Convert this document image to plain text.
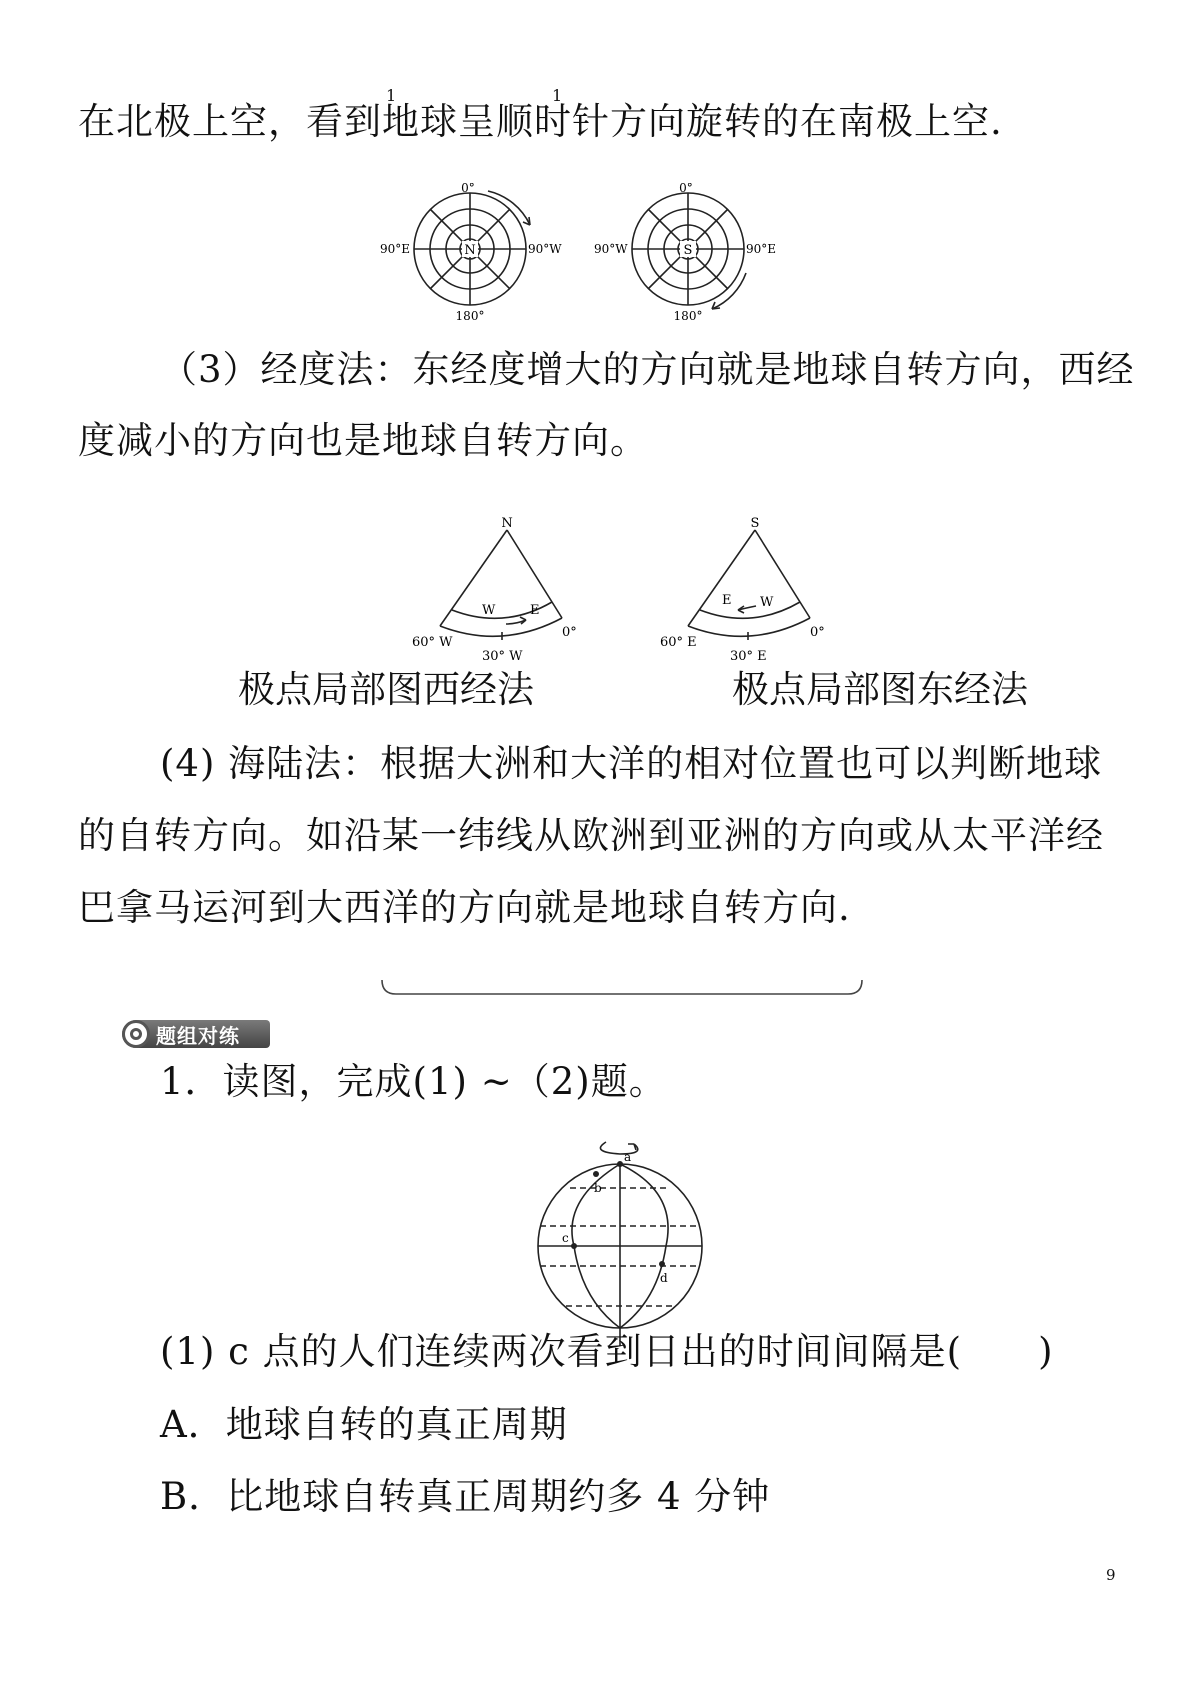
在北极上空，看到地球呈顺时针方向旋转的在南极上空.
1	1
N
0°
180°
90°E	90°W	S
0°
180°
90°W	90°E
（3）经度法：东经度增大的方向就是地球自转方向，西经
度减小的方向也是地球自转方向。
N
W	E
60° W
30° W
0°
S
E W
60° E
30° E
0°
极点局部图西经法	极点局部图东经法
(4) 海陆法：根据大洲和大洋的相对位置也可以判断地球
的自转方向。如沿某一纬线从欧洲到亚洲的方向或从太平洋经
巴拿马运河到大西洋的方向就是地球自转方向.
题组对练
1．读图，完成(1) ~（2)题。
a
b
c
d
(1) c 点的人们连续两次看到日出的时间间隔是(　　)
A．地球自转的真正周期
B．比地球自转真正周期约多 4 分钟
9
